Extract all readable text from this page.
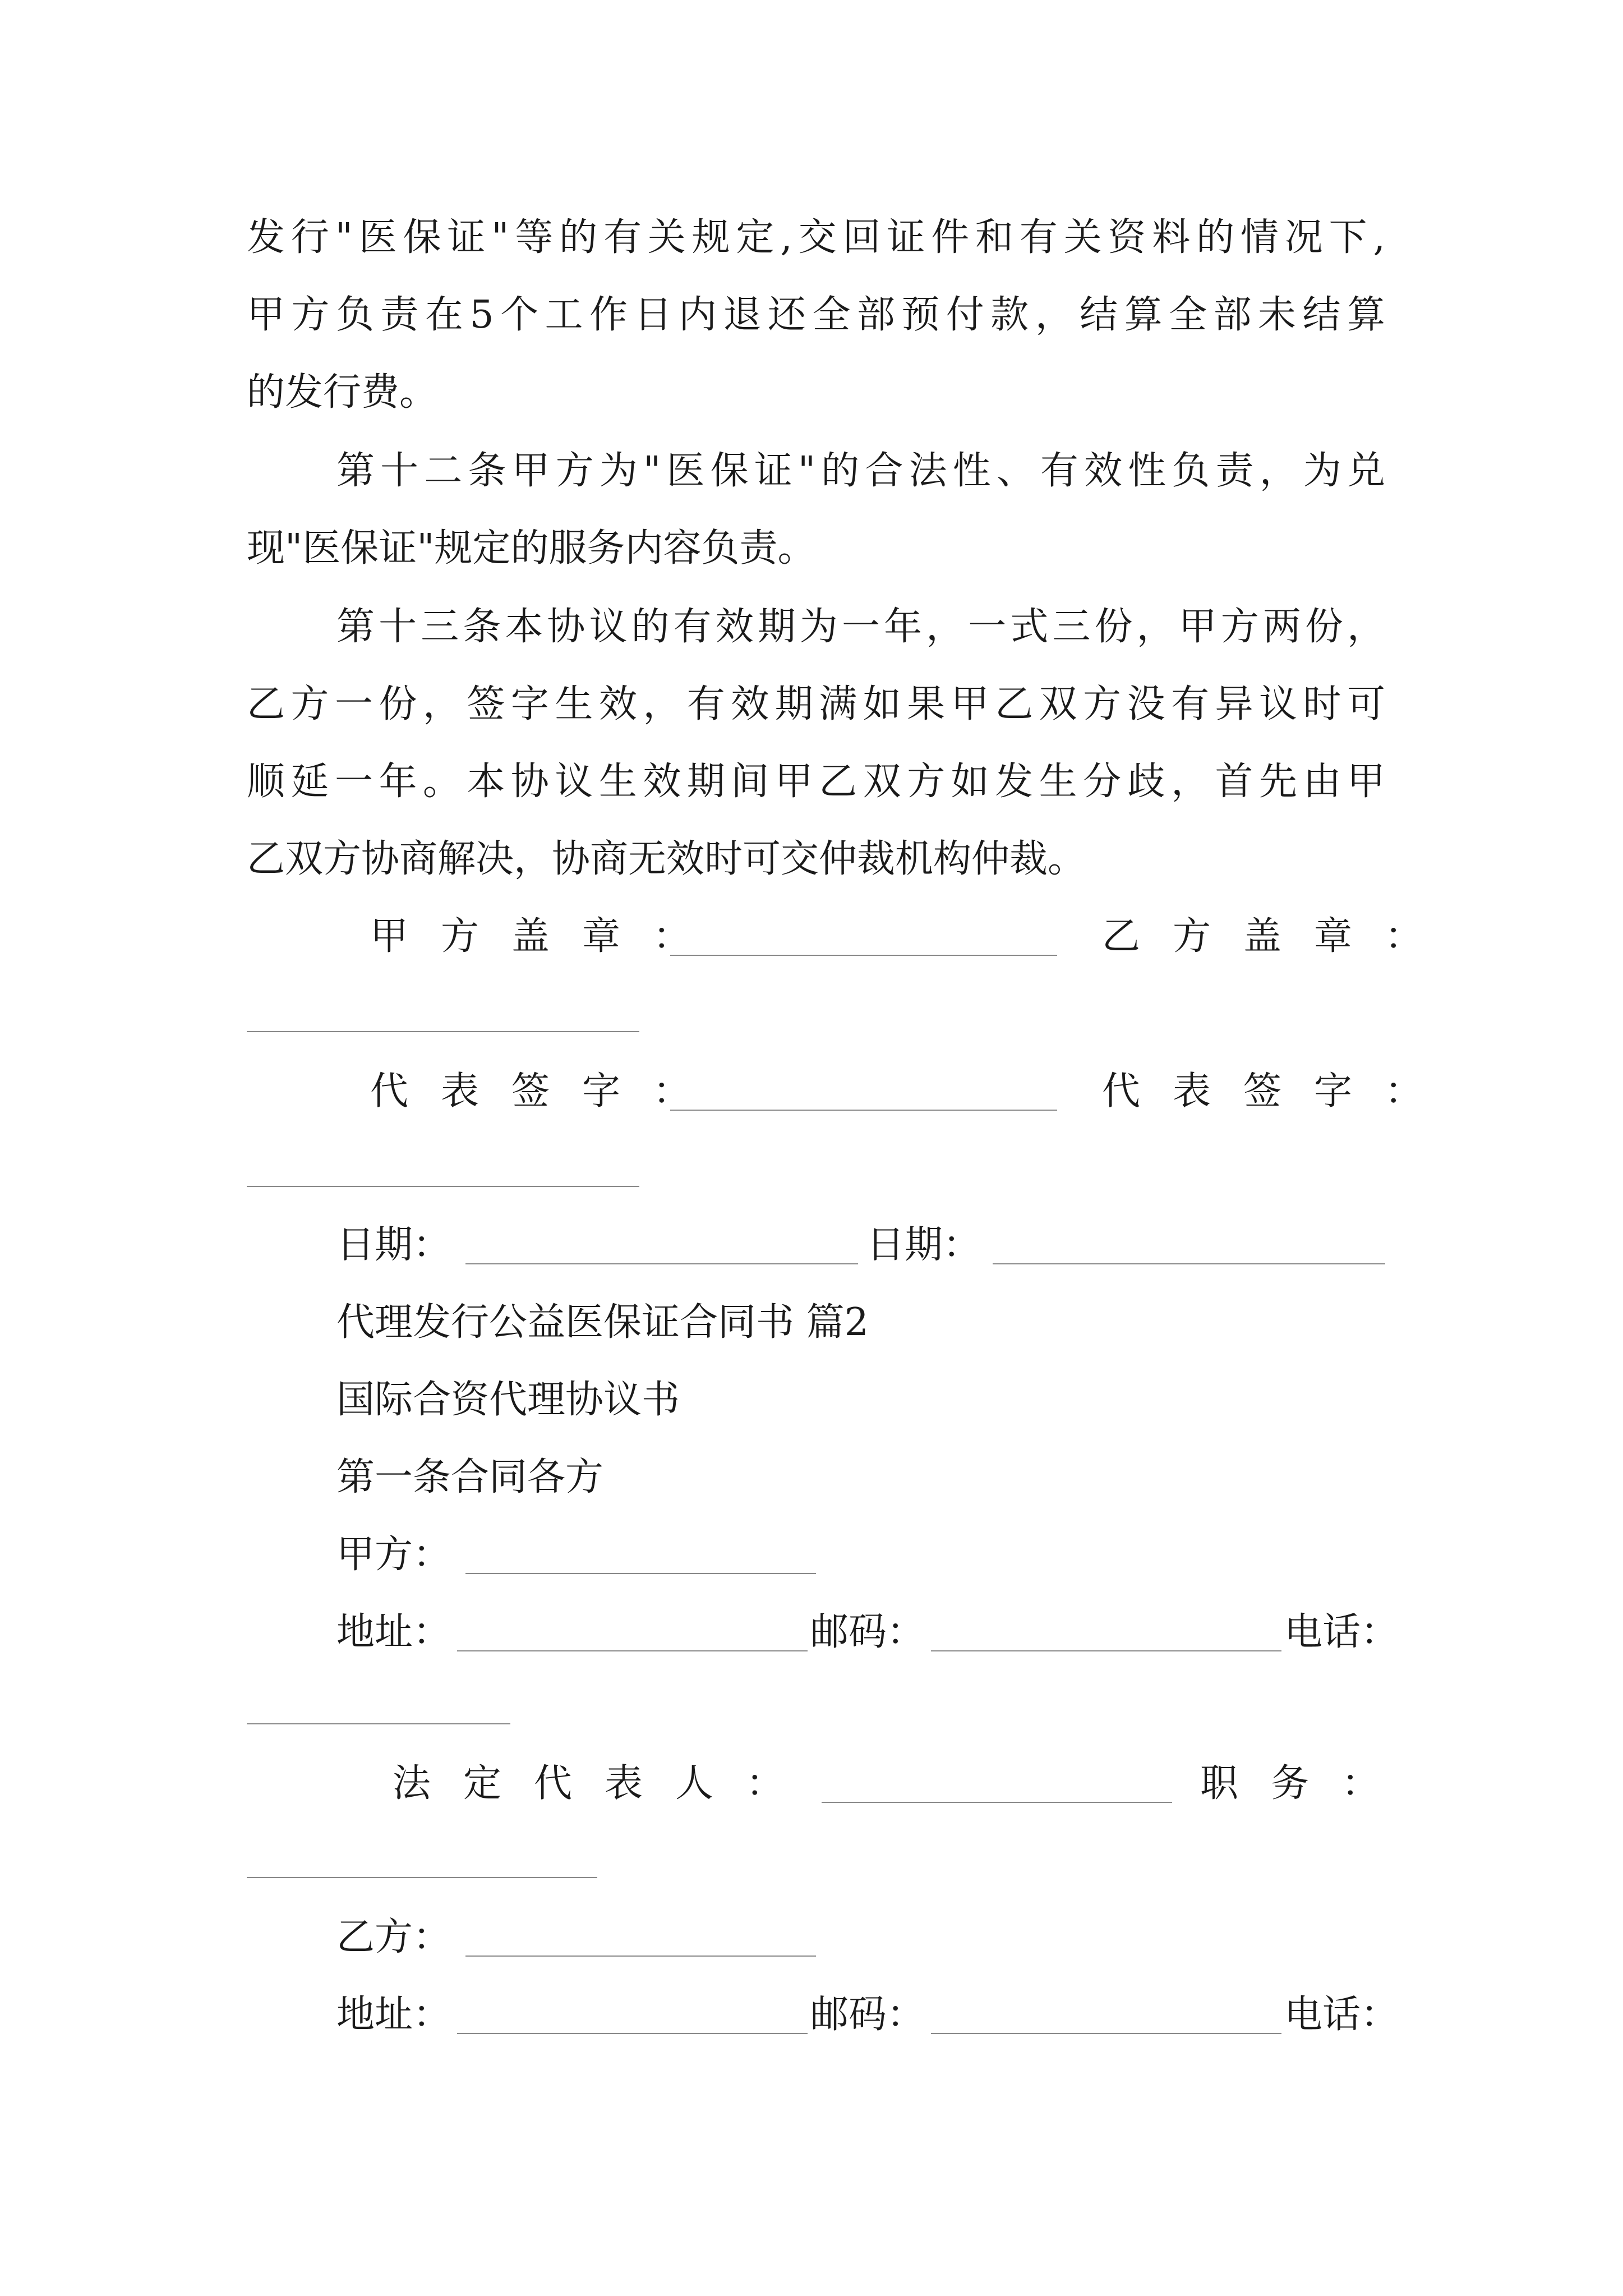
发行"医保证"等的有关规定,交回证件和有关资料的情况下,
甲方负责在5个工作日内退还全部预付款，结算全部未结算
的发行费。
第十二条甲方为"医保证"的合法性、有效性负责，为兑
现"医保证"规定的服务内容负责。
第十三条本协议的有效期为一年，一式三份，甲方两份，
乙方一份，签字生效，有效期满如果甲乙双方没有异议时可
顺延一年。本协议生效期间甲乙双方如发生分歧，首先由甲
乙双方协商解决，协商无效时可交仲裁机构仲裁。
甲方盖章：	乙方盖章：
代表签字：	代表签字：
日期：	日期：
代理发行公益医保证合同书 篇2
国际合资代理协议书
第一条合同各方
甲方：
地址：	邮码：	电话：
法定代表人：	职务：
乙方：
地址：	邮码：	电话：
